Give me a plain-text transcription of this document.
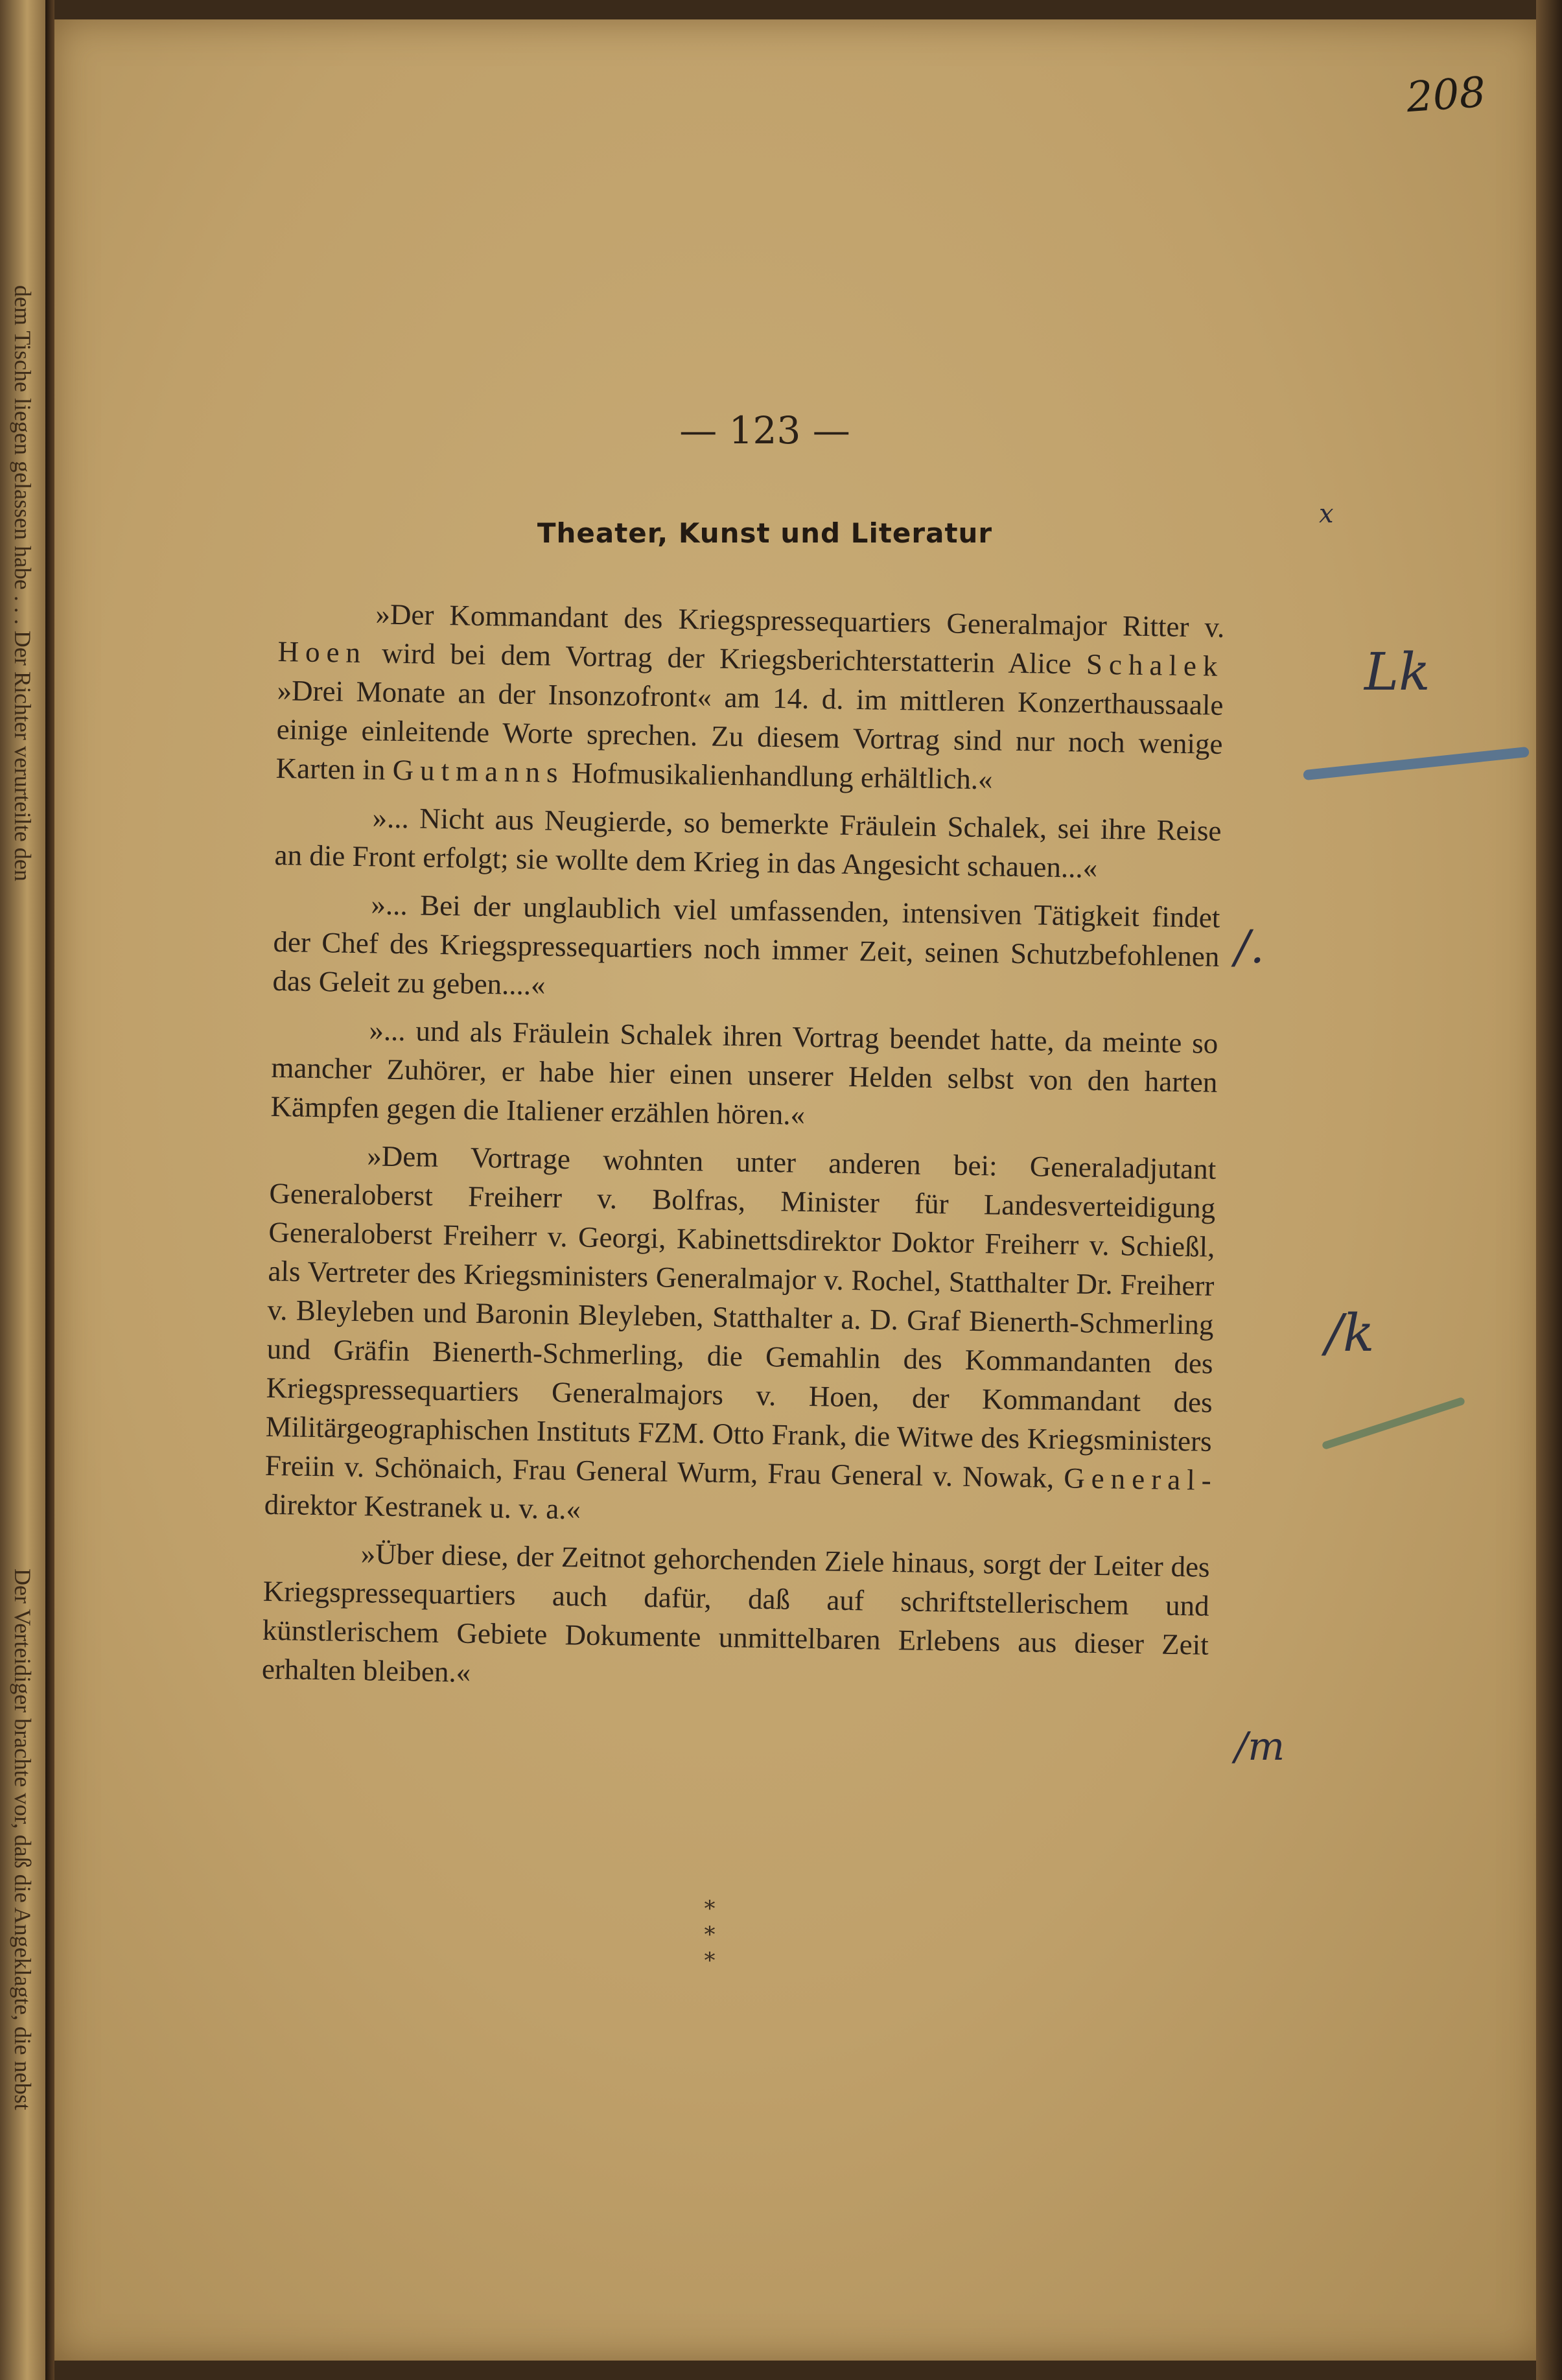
dem Tische liegen gelassen habe . . . Der Richter verurteilte den
Der Verteidiger brachte vor, daß die Angeklagte, die nebst
208
— 123 —
Theater, Kunst und Literatur

»Der Kommandant des Kriegspressequartiers Generalmajor Ritter v. Hoen wird bei dem Vortrag der Kriegsberichterstatterin Alice Schalek »Drei Monate an der Insonzofront« am 14. d. im mittleren Konzerthaussaale einige einleitende Worte sprechen. Zu diesem Vortrag sind nur noch wenige Karten in Gutmanns Hofmusikalienhandlung erhältlich.«

»... Nicht aus Neugierde, so bemerkte Fräulein Schalek, sei ihre Reise an die Front erfolgt; sie wollte dem Krieg in das Angesicht schauen...«

»... Bei der unglaublich viel umfassenden, intensiven Tätigkeit findet der Chef des Kriegspressequartiers noch immer Zeit, seinen Schutzbefohlenen das Geleit zu geben....«

»... und als Fräulein Schalek ihren Vortrag beendet hatte, da meinte so mancher Zuhörer, er habe hier einen unserer Helden selbst von den harten Kämpfen gegen die Italiener erzählen hören.«

»Dem Vortrage wohnten unter anderen bei: Generaladjutant Generaloberst Freiherr v. Bolfras, Minister für Landesverteidigung Generaloberst Freiherr v. Georgi, Kabinettsdirektor Doktor Freiherr v. Schießl, als Vertreter des Kriegsministers Generalmajor v. Rochel, Statthalter Dr. Freiherr v. Bleyleben und Baronin Bleyleben, Statthalter a. D. Graf Bienerth-Schmerling und Gräfin Bienerth-Schmerling, die Gemahlin des Kommandanten des Kriegspressequartiers Generalmajors v. Hoen, der Kommandant des Militärgeographischen Instituts FZM. Otto Frank, die Witwe des Kriegsministers Freiin v. Schönaich, Frau General Wurm, Frau General v. Nowak, General-direktor Kestranek u. v. a.«

»Über diese, der Zeitnot gehorchenden Ziele hinaus, sorgt der Leiter des Kriegspressequartiers auch dafür, daß auf schriftstellerischem und künstlerischem Gebiete Dokumente unmittelbaren Erlebens aus dieser Zeit erhalten bleiben.«

* * *
x
Lk
/.
/k
/m
